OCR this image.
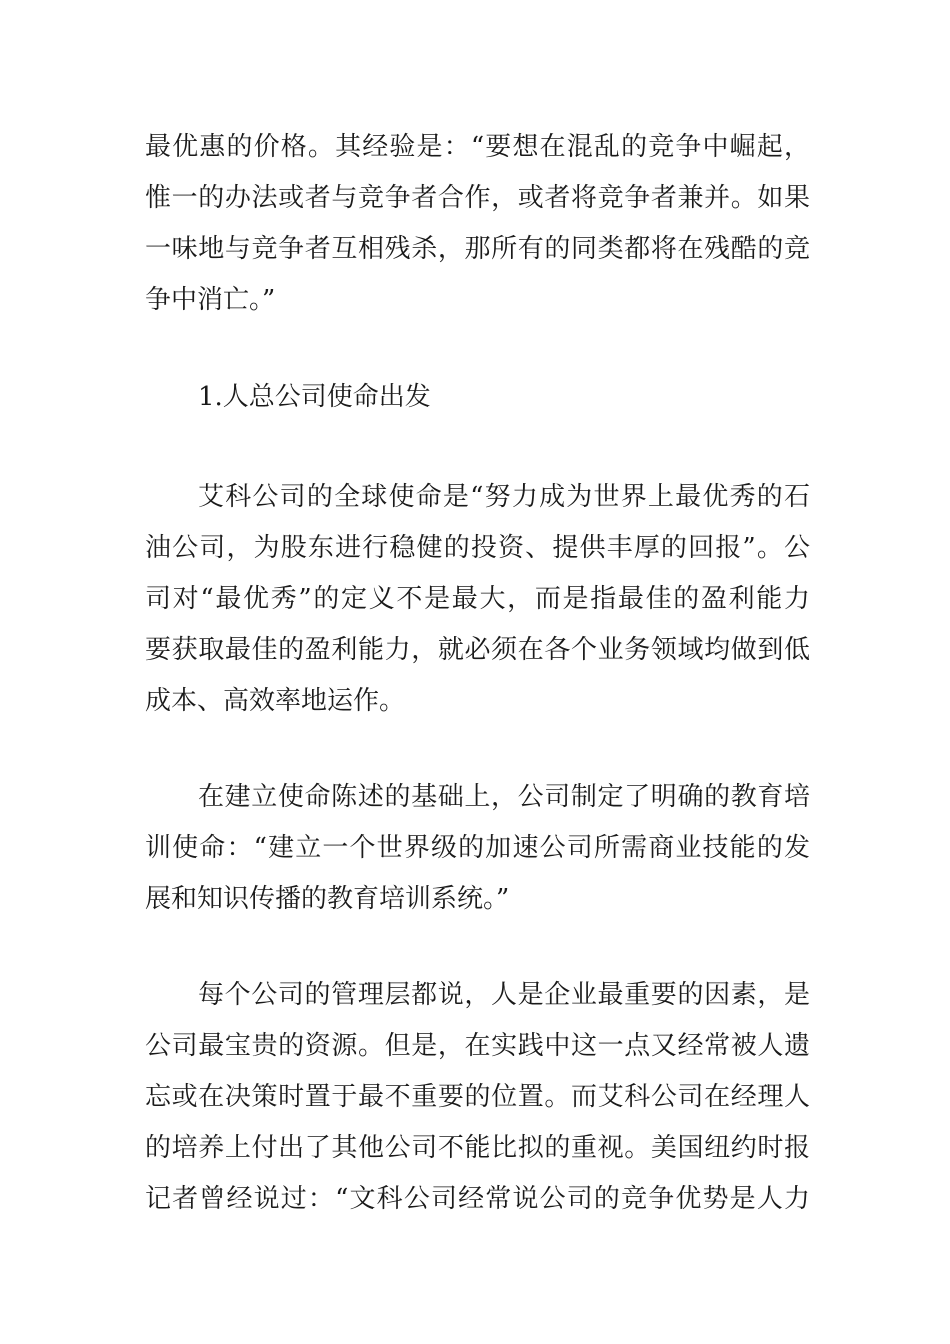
最优惠的价格。其经验是：“要想在混乱的竞争中崛起，
惟一的办法或者与竞争者合作，或者将竞争者兼并。如果
一味地与竞争者互相残杀，那所有的同类都将在残酷的竞
争中消亡。”
1.人总公司使命出发
艾科公司的全球使命是“努力成为世界上最优秀的石
油公司，为股东进行稳健的投资、提供丰厚的回报”。公
司对“最优秀”的定义不是最大，而是指最佳的盈利能力
要获取最佳的盈利能力，就必须在各个业务领域均做到低
成本、高效率地运作。
在建立使命陈述的基础上，公司制定了明确的教育培
训使命：“建立一个世界级的加速公司所需商业技能的发
展和知识传播的教育培训系统。”
每个公司的管理层都说，人是企业最重要的因素，是
公司最宝贵的资源。但是，在实践中这一点又经常被人遗
忘或在决策时置于最不重要的位置。而艾科公司在经理人
的培养上付出了其他公司不能比拟的重视。美国纽约时报
记者曾经说过：“文科公司经常说公司的竞争优势是人力
